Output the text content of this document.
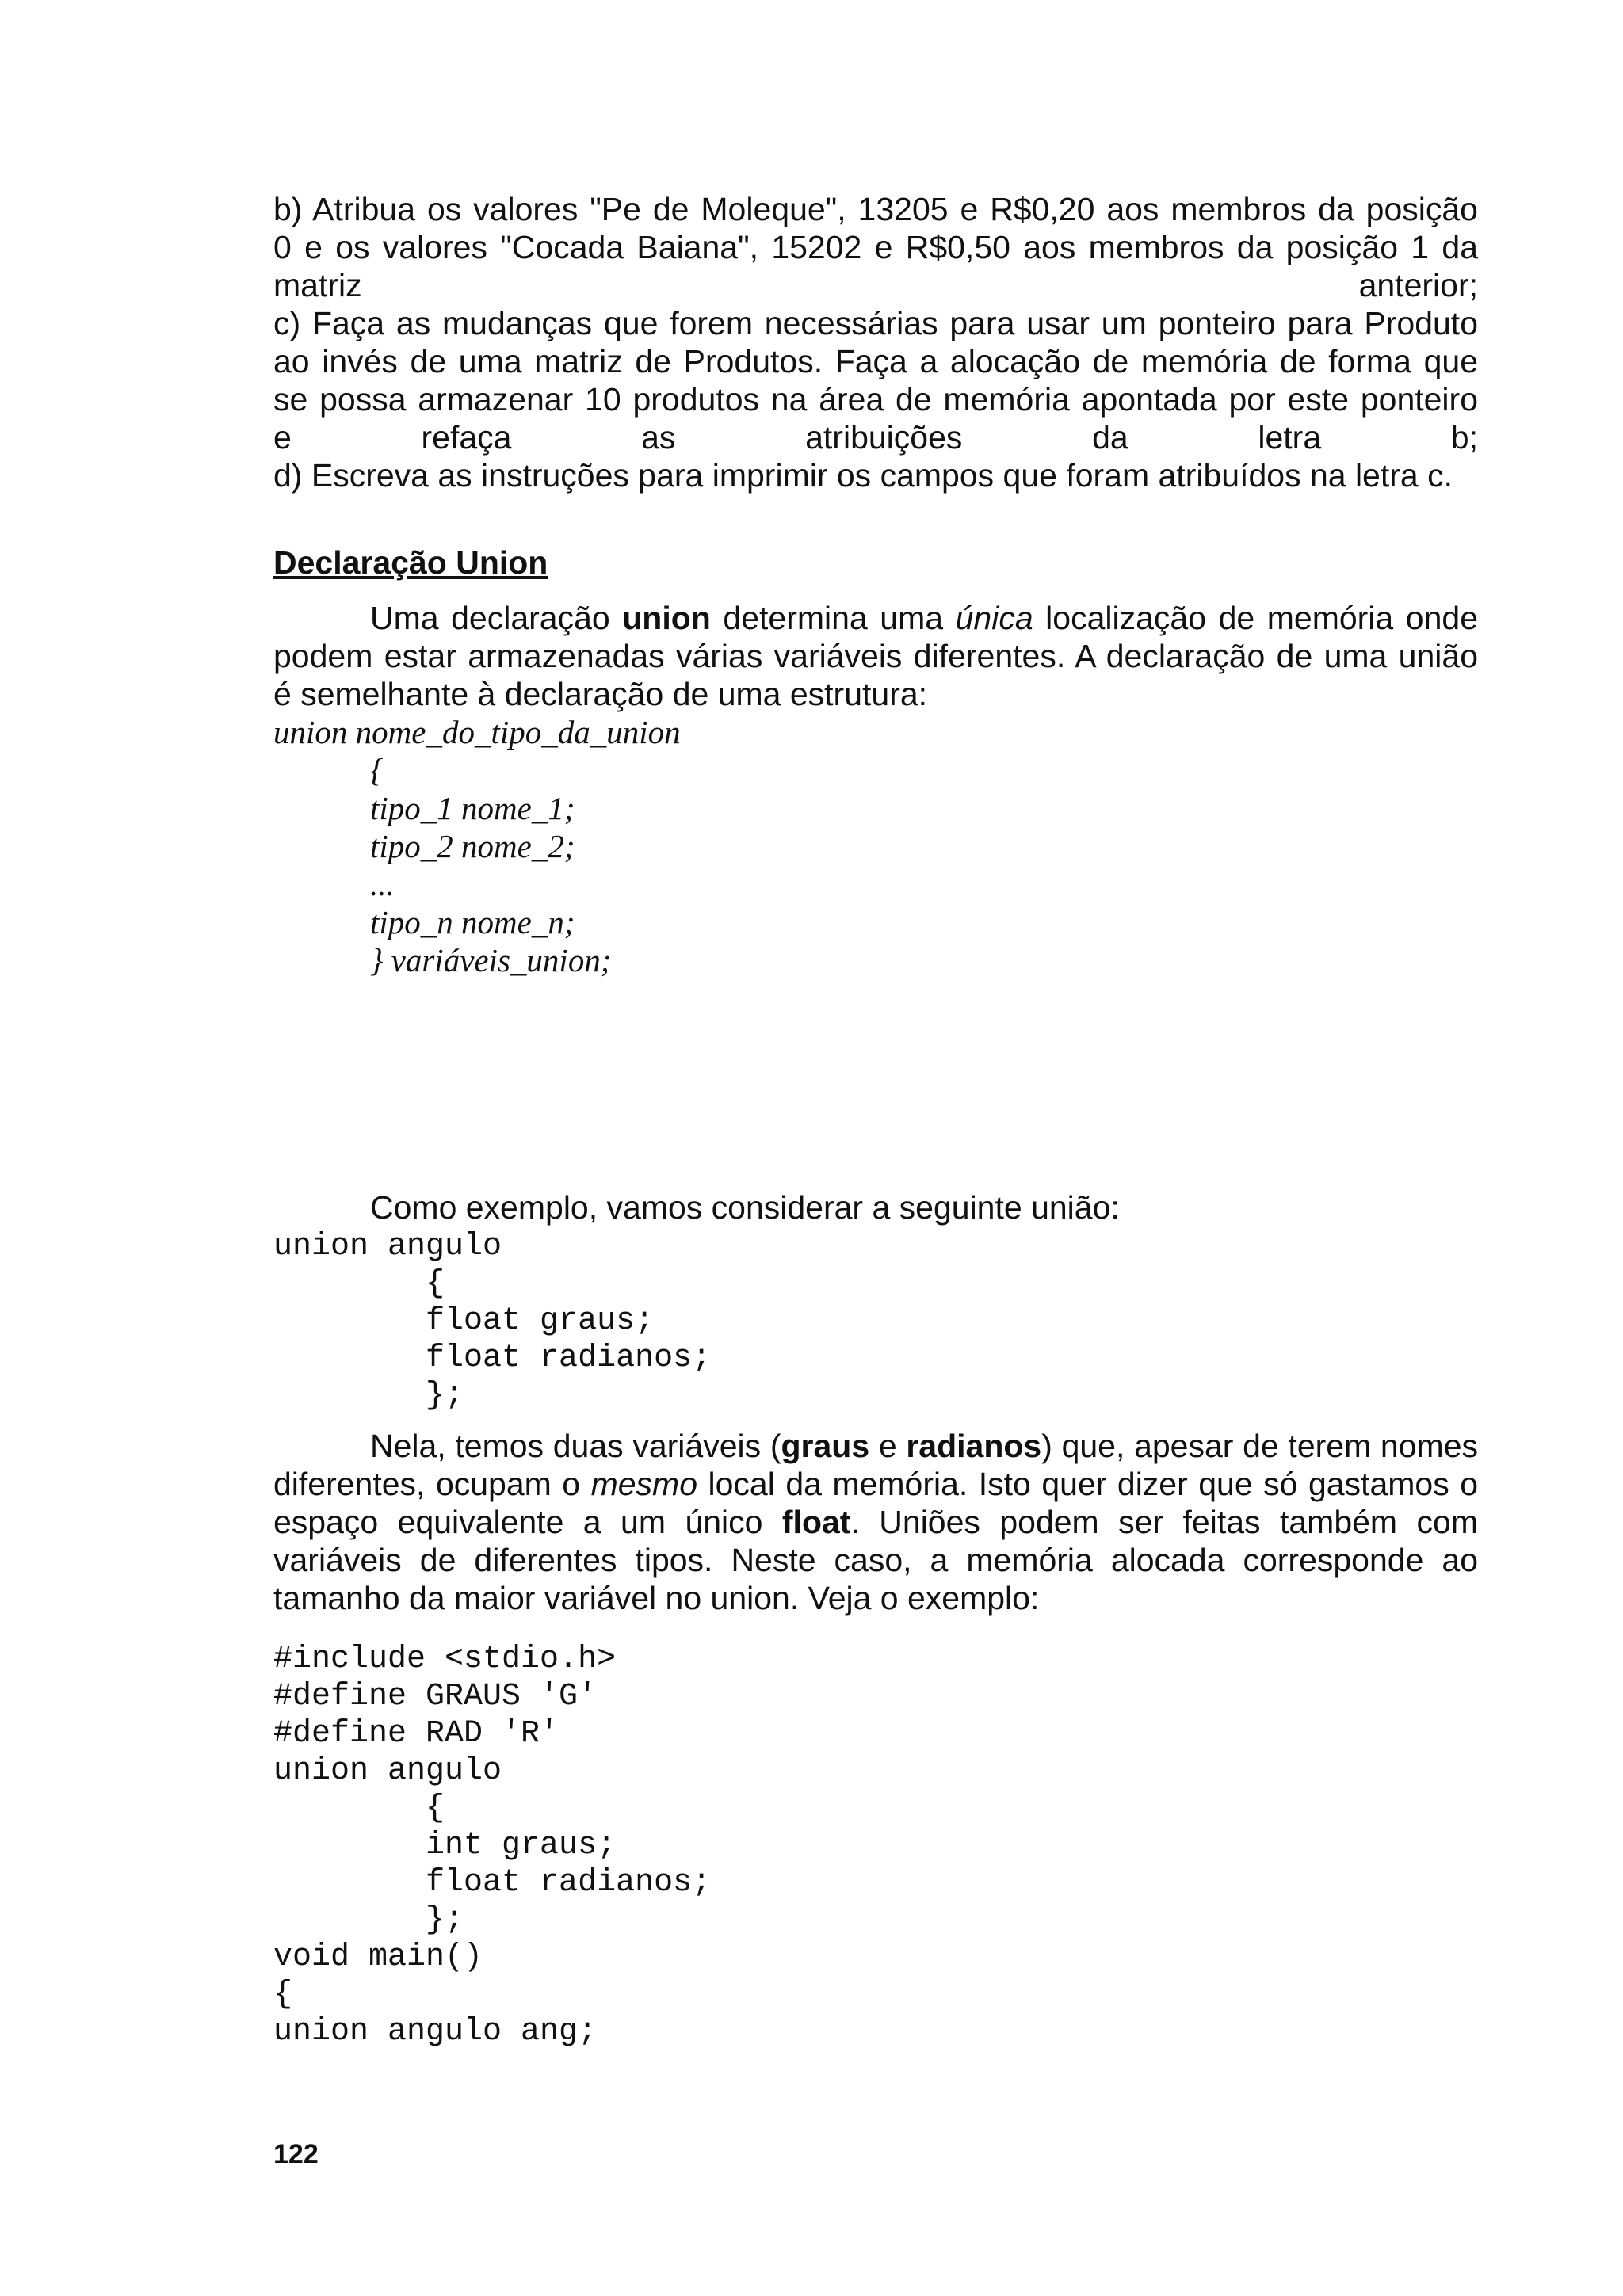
b) Atribua os valores "Pe de Moleque", 13205 e R$0,20 aos membros da posição

0 e os valores "Cocada Baiana", 15202 e R$0,50 aos membros da posição 1 da

matriz anterior;

c) Faça as mudanças que forem necessárias para usar um ponteiro para Produto

ao invés de uma matriz de Produtos. Faça a alocação de memória de forma que

se possa armazenar 10 produtos na área de memória apontada por este ponteiro

e refaça as atribuições da letra b;

d) Escreva as instruções para imprimir os campos que foram atribuídos na letra c.

Declaração Union

Uma declaração union determina uma única localização de memória onde podem estar armazenadas várias variáveis diferentes. A declaração de uma união é semelhante à declaração de uma estrutura:

union nome_do_tipo_da_union

{

tipo_1 nome_1;

tipo_2 nome_2;

...

tipo_n nome_n;

} variáveis_union;

Como exemplo, vamos considerar a seguinte união:

union angulo
{
float graus;
float radianos;
};

Nela, temos duas variáveis (graus e radianos) que, apesar de terem nomes diferentes, ocupam o mesmo local da memória. Isto quer dizer que só gastamos o espaço equivalente a um único float. Uniões podem ser feitas também com variáveis de diferentes tipos. Neste caso, a memória alocada corresponde ao tamanho da maior variável no union. Veja o exemplo:

#include <stdio.h>
#define GRAUS 'G'
#define RAD 'R'
union angulo
{
int graus;
float radianos;
};
void main()
{
union angulo ang;
122
